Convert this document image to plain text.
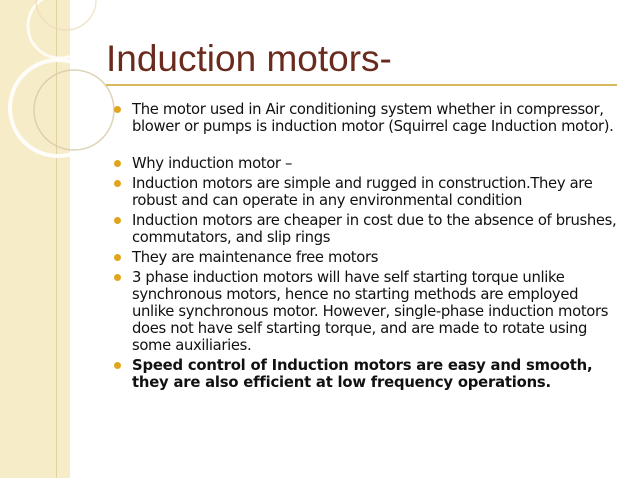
Induction motors-
The motor used in Air conditioning system whether in compressor, blower or pumps is induction motor (Squirrel cage Induction motor).
Why induction motor –
Induction motors are simple and rugged in construction.They are robust and can operate in any environmental condition
Induction motors are cheaper in cost due to the absence of brushes, commutators, and slip rings
They are maintenance free motors
3 phase induction motors will have self starting torque unlike synchronous motors, hence no starting methods are employed unlike synchronous motor. However, single-phase induction motors does not have self starting torque, and are made to rotate using some auxiliaries.
Speed control of Induction motors are easy and smooth, they are also efficient at low frequency operations.
